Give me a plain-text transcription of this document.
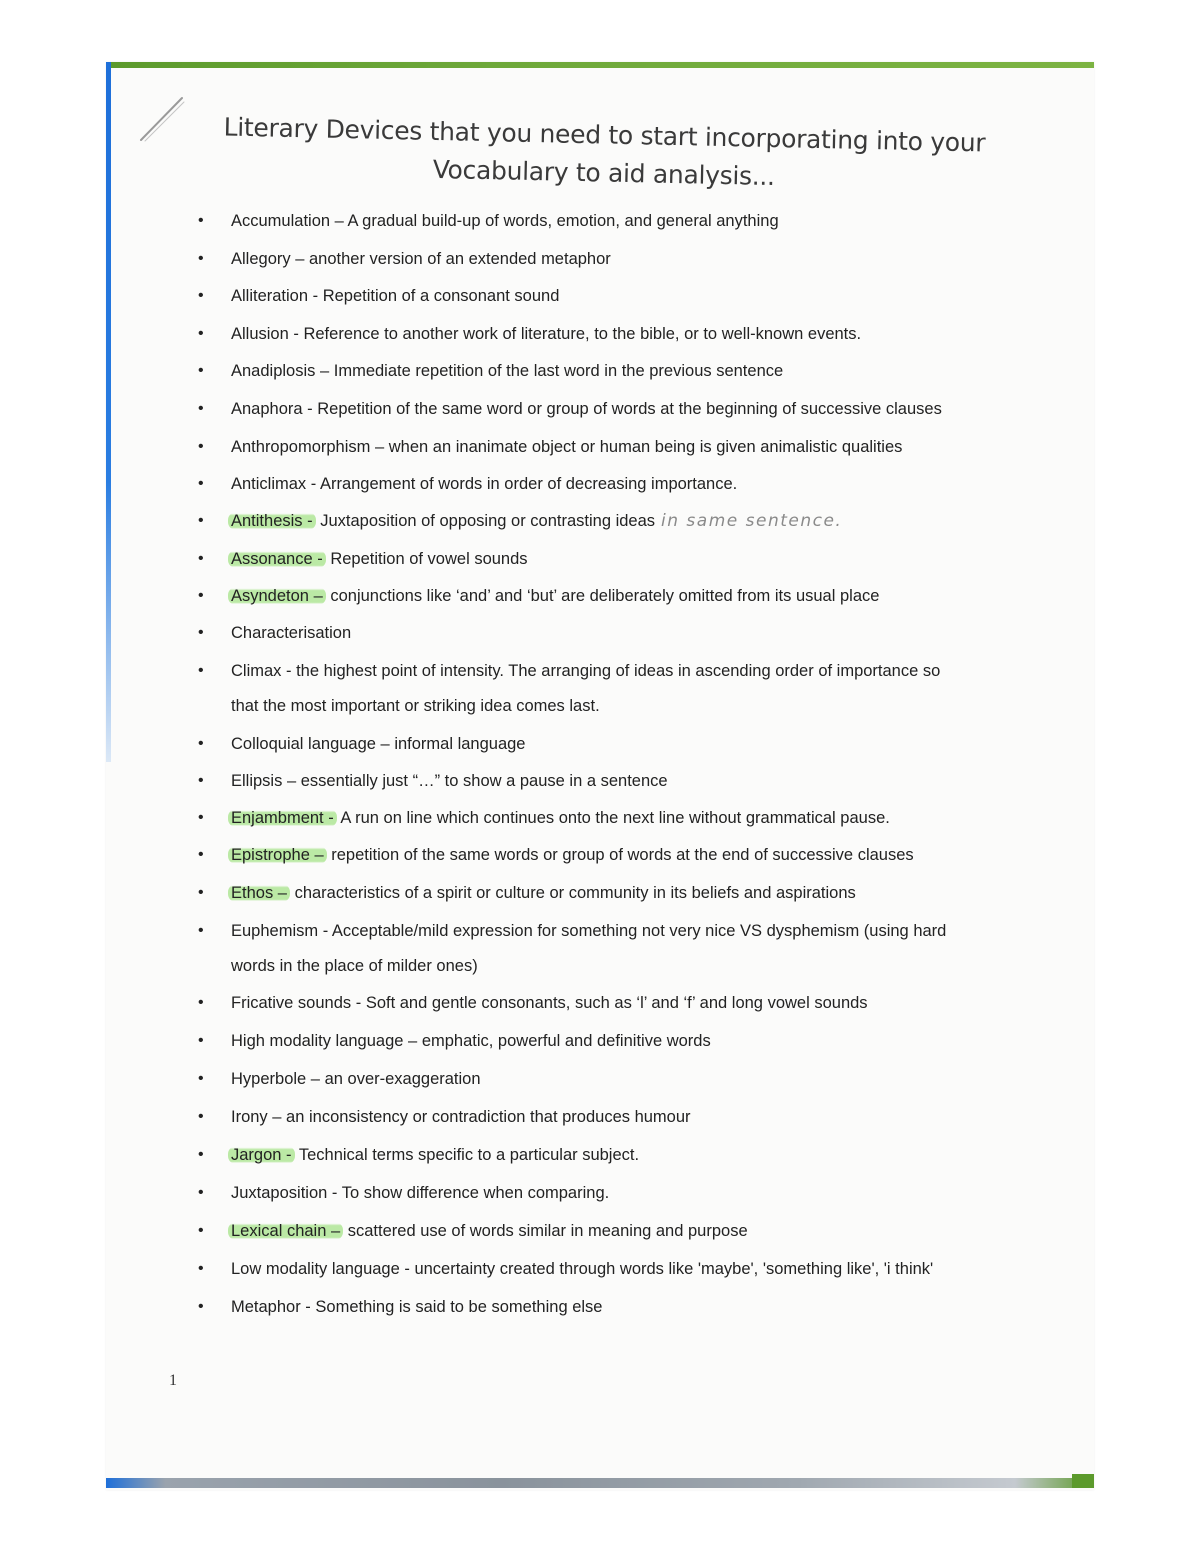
Literary Devices that you need to start incorporating into your
Vocabulary to aid analysis...
• Accumulation – A gradual build-up of words, emotion, and general anything
• Allegory – another version of an extended metaphor
• Alliteration - Repetition of a consonant sound
• Allusion - Reference to another work of literature, to the bible, or to well-known events.
• Anadiplosis – Immediate repetition of the last word in the previous sentence
• Anaphora - Repetition of the same word or group of words at the beginning of successive clauses
• Anthropomorphism – when an inanimate object or human being is given animalistic qualities
• Anticlimax - Arrangement of words in order of decreasing importance.
• Antithesis - Juxtaposition of opposing or contrasting ideas in same sentence.
• Assonance - Repetition of vowel sounds
• Asyndeton – conjunctions like ‘and’ and ‘but’ are deliberately omitted from its usual place
• Characterisation
• Climax - the highest point of intensity. The arranging of ideas in ascending order of importance so
that the most important or striking idea comes last.
• Colloquial language – informal language
• Ellipsis – essentially just “…” to show a pause in a sentence
• Enjambment - A run on line which continues onto the next line without grammatical pause.
• Epistrophe – repetition of the same words or group of words at the end of successive clauses
• Ethos – characteristics of a spirit or culture or community in its beliefs and aspirations
• Euphemism - Acceptable/mild expression for something not very nice VS dysphemism (using hard
words in the place of milder ones)
• Fricative sounds - Soft and gentle consonants, such as ‘l’ and ‘f’ and long vowel sounds
• High modality language – emphatic, powerful and definitive words
• Hyperbole – an over-exaggeration
• Irony – an inconsistency or contradiction that produces humour
• Jargon - Technical terms specific to a particular subject.
• Juxtaposition - To show difference when comparing.
• Lexical chain – scattered use of words similar in meaning and purpose
• Low modality language - uncertainty created through words like 'maybe', 'something like', 'i think'
• Metaphor - Something is said to be something else
1
